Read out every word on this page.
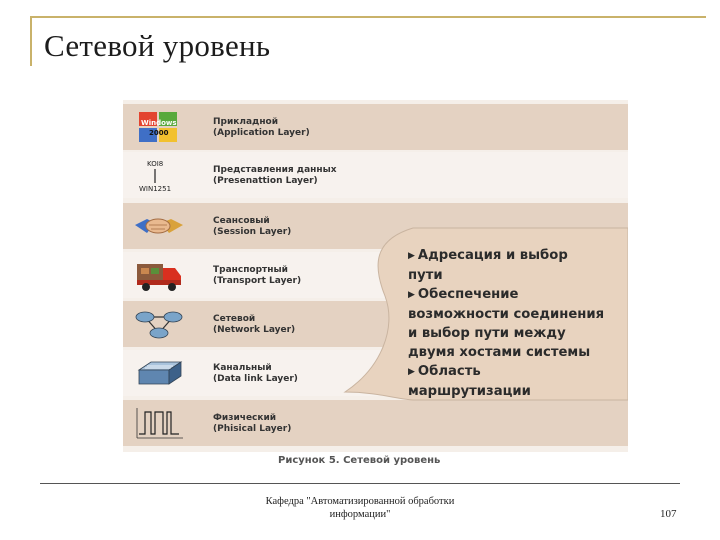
Сетевой уровень
Windows
2000
Прикладной
(Application Layer)
KOI8
WIN1251
Представления данных
(Presenattion Layer)
Сеансовый
(Session Layer)
Транспортный
(Transport Layer)
Сетевой
(Network Layer)
Канальный
(Data link Layer)
Физический
(Phisical Layer)

▶ Адресация и выбор

пути

▶ Обеспечение

возможности соединения

и выбор пути между

двумя хостами системы

▶ Область

маршрутизации

Рисунок 5. Сетевой уровень
Кафедра "Автоматизированной обработки
информации"	107
